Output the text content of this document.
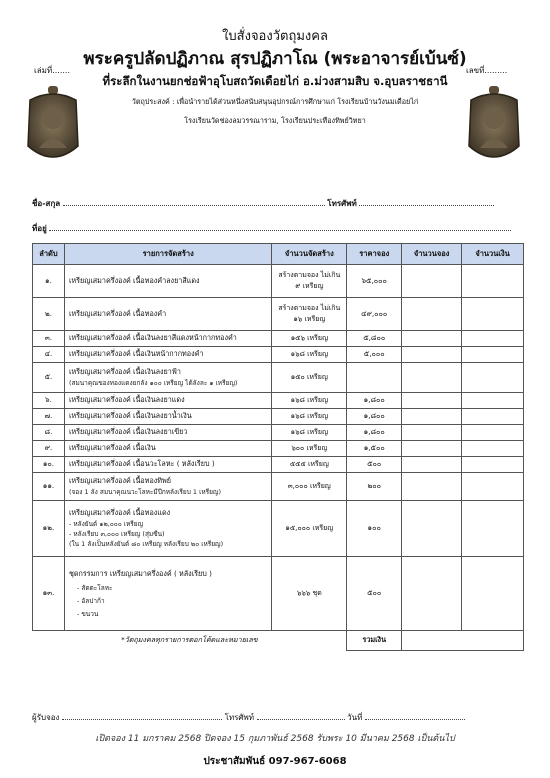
เล่มที่.......	เลขที่.........
ใบสั่งจองวัตถุมงคล
พระครูปลัดปฏิภาณ สุรปฏิภาโณ (พระอาจารย์เบ้นซ์)
ที่ระลึกในงานยกช่อฟ้าอุโบสถวัดเดือยไก่ อ.ม่วงสามสิบ จ.อุบลราชธานี
วัตถุประสงค์ : เพื่อนำรายได้ส่วนหนึ่งสนับสนุนอุปกรณ์การศึกษาแก่ โรงเรียนบ้านวังนมเดือยไก่
โรงเรียนวัดช่องลมวรรณาราม, โรงเรียนประเทืองทิพย์วิทยา
ชื่อ-สกุล	โทรศัพท์
ที่อยู่
ลำดับ	รายการจัดสร้าง	จำนวนจัดสร้าง	ราคาจอง	จำนวนจอง	จำนวนเงิน
๑.	เหรียญเสมาครึ่งองค์ เนื้อทองคำลงยาสีแดง	สร้างตามจอง ไม่เกิน ๙ เหรียญ	๖๕,๐๐๐		
๒.	เหรียญเสมาครึ่งองค์ เนื้อทองคำ	สร้างตามจอง ไม่เกิน ๑๖ เหรียญ	๔๙,๐๐๐		
๓.	เหรียญเสมาครึ่งองค์ เนื้อเงินลงยาสีแดงหน้ากากทองคำ	๑๕๖ เหรียญ	๕,๘๐๐		
๔.	เหรียญเสมาครึ่งองค์ เนื้อเงินหน้ากากทองคำ	๑๖๘ เหรียญ	๕,๐๐๐		
๕.	เหรียญเสมาครึ่งองค์ เนื้อเงินลงยาฟ้า
(สมนาคุณของทองแดงยกลัง ๑๐๐ เหรียญ ได้ลังละ ๑ เหรียญ)	๑๕๐ เหรียญ			
๖.	เหรียญเสมาครึ่งองค์ เนื้อเงินลงยาแดง	๑๖๘ เหรียญ	๑,๘๐๐		
๗.	เหรียญเสมาครึ่งองค์ เนื้อเงินลงยาน้ำเงิน	๑๖๘ เหรียญ	๑,๘๐๐		
๘.	เหรียญเสมาครึ่งองค์ เนื้อเงินลงยาเขียว	๑๖๘ เหรียญ	๑,๘๐๐		
๙.	เหรียญเสมาครึ่งองค์ เนื้อเงิน	๖๐๐ เหรียญ	๑,๕๐๐		
๑๐.	เหรียญเสมาครึ่งองค์ เนื้อนวะโลหะ ( หลังเรียบ )	๕๕๕ เหรียญ	๕๐๐		
๑๑.	เหรียญเสมาครึ่งองค์ เนื้อทองทิพย์
(จอง 1 ลัง สมนาคุณนวะโลหะมีปีกหลังเรียบ 1 เหรียญ)	๓,๐๐๐ เหรียญ	๒๐๐		
๑๒.	เหรียญเสมาครึ่งองค์ เนื้อทองแดง
- หลังยันต์ ๑๒,๐๐๐ เหรียญ
- หลังเรียบ ๓,๐๐๐ เหรียญ (สุ่มซีน)
(ใน 1 ลังเป็นหลังยันต์ ๘๐ เหรียญ หลังเรียบ ๒๐ เหรียญ)	๑๕,๐๐๐ เหรียญ	๑๐๐		
๑๓.	ชุดกรรมการ เหรียญเสมาครึ่งองค์ ( หลังเรียบ )
- สัตตะโลหะ
- อัลปาก้า
- ขนวน	๖๖๖ ชุด	๕๐๐		
*วัตถุมงคลทุกรายการตอกโค้ดและหมายเลข			รวมเงิน		
ผู้รับจอง	โทรศัพท์	วันที่
เปิดจอง 11 มกราคม 2568 ปิดจอง 15 กุมภาพันธ์ 2568 รับพระ 10 มีนาคม 2568 เป็นต้นไป
ประชาสัมพันธ์ 097-967-6068
